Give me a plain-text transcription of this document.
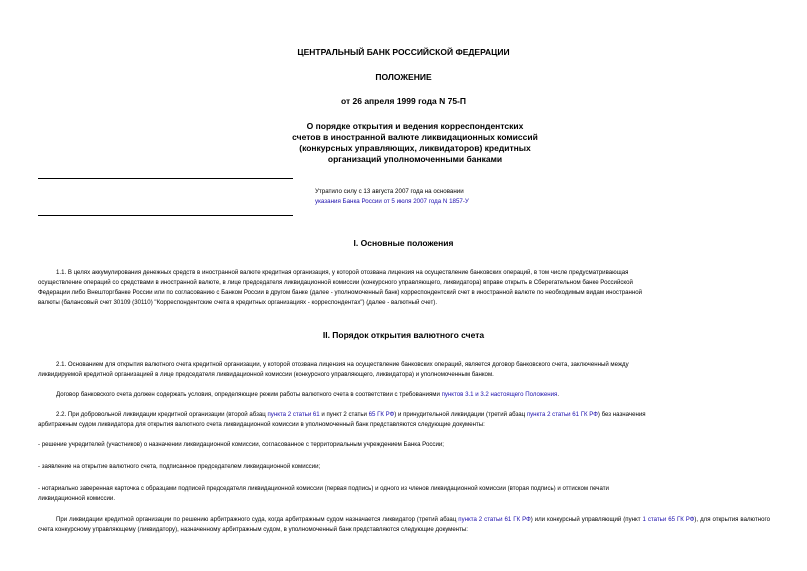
ЦЕНТРАЛЬНЫЙ БАНК РОССИЙСКОЙ ФЕДЕРАЦИИ
ПОЛОЖЕНИЕ
от 26 апреля 1999 года N 75-П
О порядке открытия и ведения корреспондентских
счетов в иностранной валюте ликвидационных комиссий
(конкурсных управляющих, ликвидаторов) кредитных
организаций уполномоченными банками
Утратило силу с 13 августа 2007 года на основании
указания Банка России от 5 июля 2007 года N 1857-У
I. Основные положения
1.1. В целях аккумулирования денежных средств в иностранной валюте кредитная организация, у которой отозвана лицензия на осуществление банковских операций, в том числе предусматривающая
осуществление операций со средствами в иностранной валюте, в лице председателя ликвидационной комиссии (конкурсного управляющего, ликвидатора) вправе открыть в Сберегательном банке Российской
Федерации либо Внешторгбанке России или по согласованию с Банком России в другом банке (далее - уполномоченный банк) корреспондентский счет в иностранной валюте по необходимым видам иностранной
валюты (балансовый счет 30109 (30110) "Корреспондентские счета в кредитных организациях - корреспондентах") (далее - валютный счет).
II. Порядок открытия валютного счета
2.1. Основанием для открытия валютного счета кредитной организации, у которой отозвана лицензия на осуществление банковских операций, является договор банковского счета, заключенный между
ликвидируемой кредитной организацией в лице председателя ликвидационной комиссии (конкурсного управляющего, ликвидатора) и уполномоченным банком.
Договор банковского счета должен содержать условия, определяющие режим работы валютного счета в соответствии с требованиями пунктов 3.1 и 3.2 настоящего Положения.
2.2. При добровольной ликвидации кредитной организации (второй абзац пункта 2 статьи 61 и пункт 2 статьи 65 ГК РФ) и принудительной ликвидации (третий абзац пункта 2 статьи 61 ГК РФ) без назначения
арбитражным судом ликвидатора для открытия валютного счета ликвидационной комиссии в уполномоченный банк представляются следующие документы:
- решение учредителей (участников) о назначении ликвидационной комиссии, согласованное с территориальным учреждением Банка России;
- заявление на открытие валютного счета, подписанное председателем ликвидационной комиссии;
- нотариально заверенная карточка с образцами подписей председателя ликвидационной комиссии (первая подпись) и одного из членов ликвидационной комиссии (вторая подпись) и оттиском печати
ликвидационной комиссии.
При ликвидации кредитной организации по решению арбитражного суда, когда арбитражным судом назначается ликвидатор (третий абзац пункта 2 статьи 61 ГК РФ) или конкурсный управляющий (пункт 1 статьи 65 ГК РФ), для открытия валютного счета конкурсному управляющему (ликвидатору), назначенному арбитражным судом, в уполномоченный банк представляются следующие документы:
